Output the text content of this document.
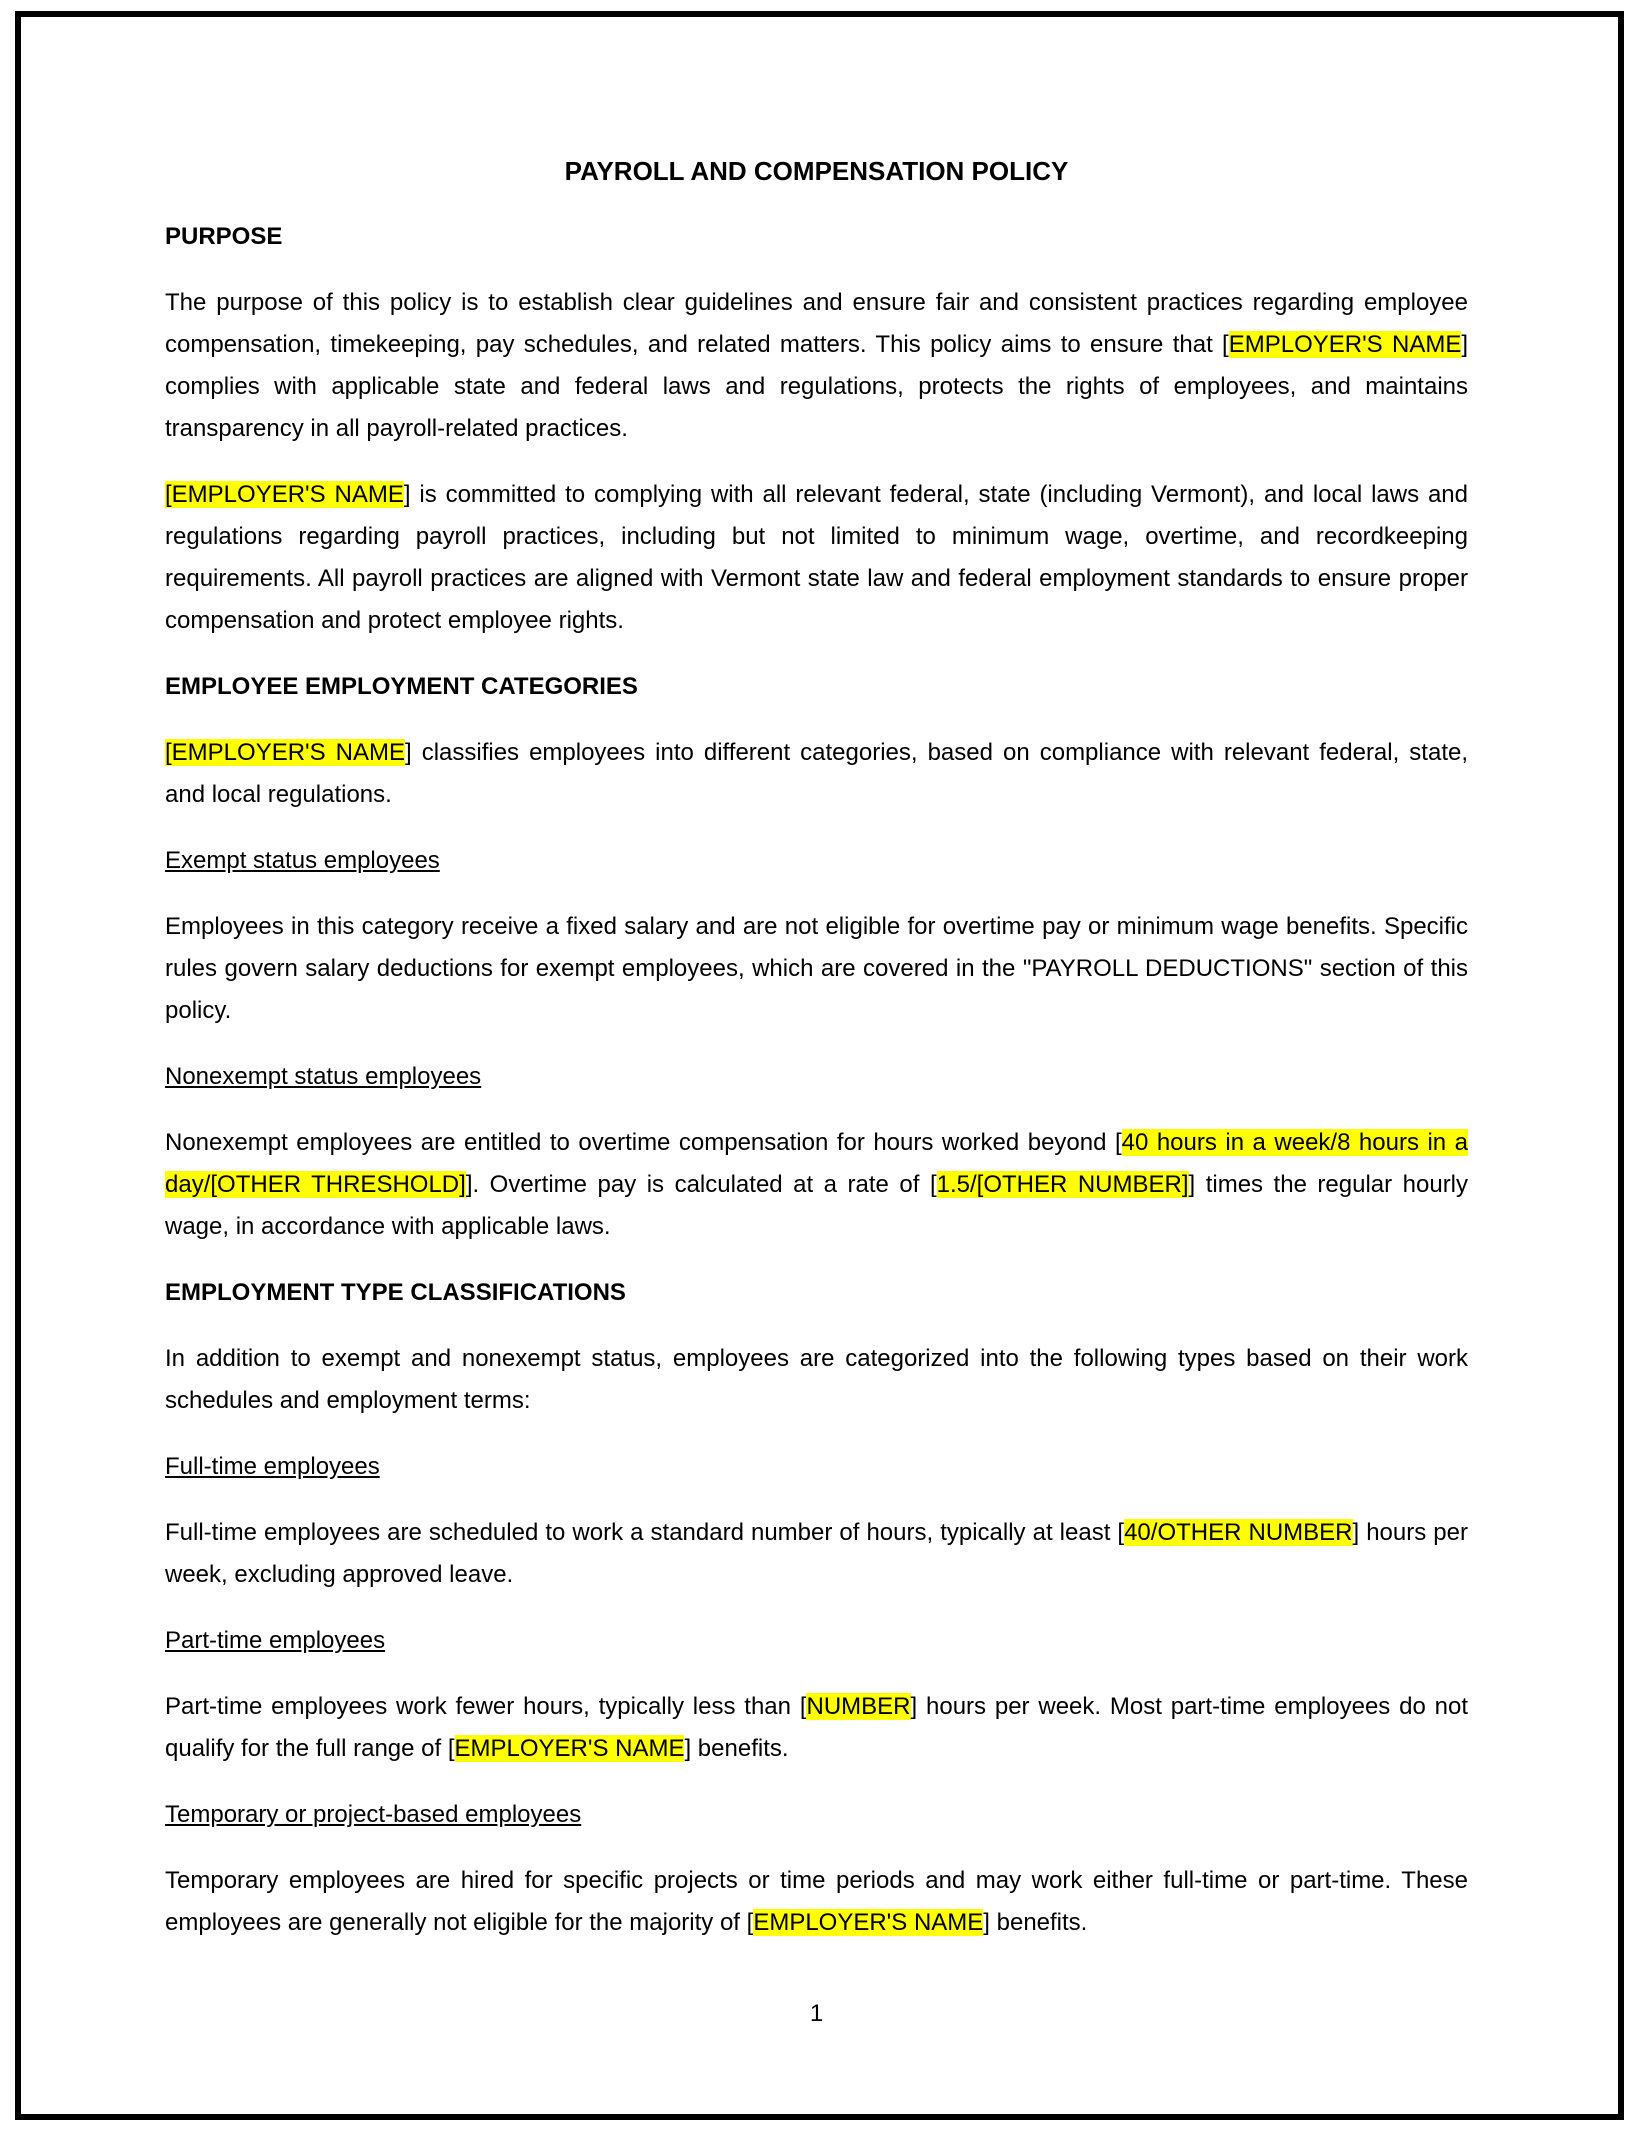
PAYROLL AND COMPENSATION POLICY
PURPOSE

The purpose of this policy is to establish clear guidelines and ensure fair and consistent practices regarding employee compensation, timekeeping, pay schedules, and related matters. This policy aims to ensure that [EMPLOYER'S NAME] complies with applicable state and federal laws and regulations, protects the rights of employees, and maintains transparency in all payroll-related practices.

[EMPLOYER'S NAME] is committed to complying with all relevant federal, state (including Vermont), and local laws and regulations regarding payroll practices, including but not limited to minimum wage, overtime, and recordkeeping requirements. All payroll practices are aligned with Vermont state law and federal employment standards to ensure proper compensation and protect employee rights.

EMPLOYEE EMPLOYMENT CATEGORIES

[EMPLOYER'S NAME] classifies employees into different categories, based on compliance with relevant federal, state, and local regulations.

Exempt status employees

Employees in this category receive a fixed salary and are not eligible for overtime pay or minimum wage benefits. Specific rules govern salary deductions for exempt employees, which are covered in the "PAYROLL DEDUCTIONS" section of this policy.

Nonexempt status employees

Nonexempt employees are entitled to overtime compensation for hours worked beyond [40 hours in a week/8 hours in a day/[OTHER THRESHOLD]]. Overtime pay is calculated at a rate of [1.5/[OTHER NUMBER]] times the regular hourly wage, in accordance with applicable laws.

EMPLOYMENT TYPE CLASSIFICATIONS

In addition to exempt and nonexempt status, employees are categorized into the following types based on their work schedules and employment terms:

Full-time employees

Full-time employees are scheduled to work a standard number of hours, typically at least [40/OTHER NUMBER] hours per week, excluding approved leave.

Part-time employees

Part-time employees work fewer hours, typically less than [NUMBER] hours per week. Most part-time employees do not qualify for the full range of [EMPLOYER'S NAME] benefits.

Temporary or project-based employees

Temporary employees are hired for specific projects or time periods and may work either full-time or part-time. These employees are generally not eligible for the majority of [EMPLOYER'S NAME] benefits.

1
